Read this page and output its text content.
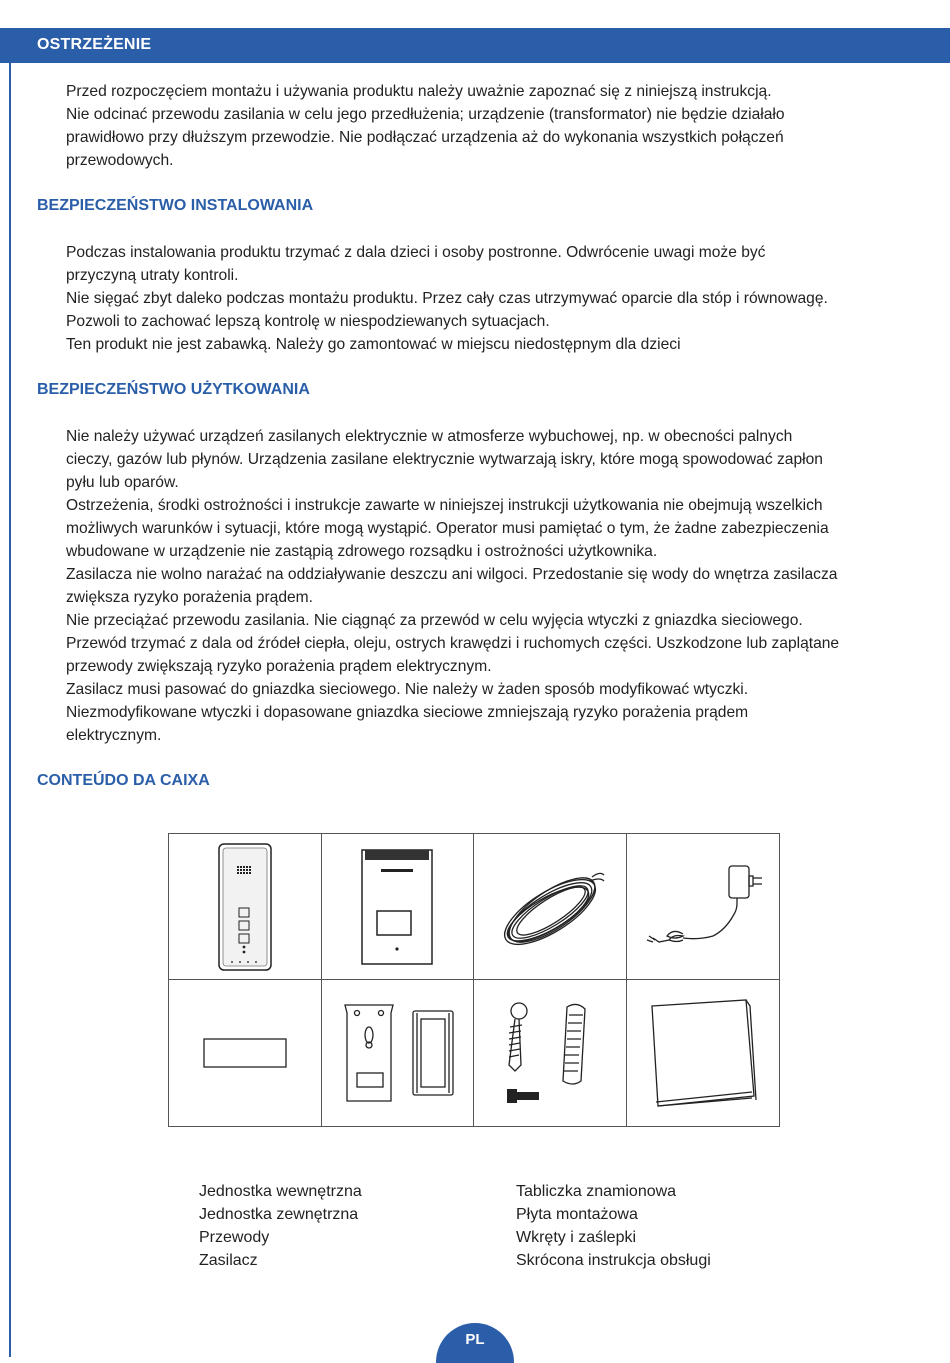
OSTRZEŻENIE
Przed rozpoczęciem montażu i używania produktu należy uważnie zapoznać się z niniejszą instrukcją.
Nie odcinać przewodu zasilania w celu jego przedłużenia; urządzenie (transformator) nie będzie działało
prawidłowo przy dłuższym przewodzie. Nie podłączać urządzenia aż do wykonania wszystkich połączeń
przewodowych.
BEZPIECZEŃSTWO INSTALOWANIA
Podczas instalowania produktu trzymać z dala dzieci i osoby postronne. Odwrócenie uwagi może być
przyczyną utraty kontroli.
Nie sięgać zbyt daleko podczas montażu produktu. Przez cały czas utrzymywać oparcie dla stóp i równowagę.
Pozwoli to zachować lepszą kontrolę w niespodziewanych sytuacjach.
Ten produkt nie jest zabawką. Należy go zamontować w miejscu niedostępnym dla dzieci
BEZPIECZEŃSTWO UŻYTKOWANIA
Nie należy używać urządzeń zasilanych elektrycznie w atmosferze wybuchowej, np. w obecności palnych
cieczy, gazów lub płynów. Urządzenia zasilane elektrycznie wytwarzają iskry, które mogą spowodować zapłon
pyłu lub oparów.
Ostrzeżenia, środki ostrożności i instrukcje zawarte w niniejszej instrukcji użytkowania nie obejmują wszelkich
możliwych warunków i sytuacji, które mogą wystąpić. Operator musi pamiętać o tym, że żadne zabezpieczenia
wbudowane w urządzenie nie zastąpią zdrowego rozsądku i ostrożności użytkownika.
Zasilacza nie wolno narażać na oddziaływanie deszczu ani wilgoci. Przedostanie się wody do wnętrza zasilacza
zwiększa ryzyko porażenia prądem.
Nie przeciążać przewodu zasilania. Nie ciągnąć za przewód w celu wyjęcia wtyczki z gniazdka sieciowego.
Przewód trzymać z dala od źródeł ciepła, oleju, ostrych krawędzi i ruchomych części. Uszkodzone lub zaplątane
przewody zwiększają ryzyko porażenia prądem elektrycznym.
Zasilacz musi pasować do gniazdka sieciowego. Nie należy w żaden sposób modyfikować wtyczki.
Niezmodyfikowane wtyczki i dopasowane gniazdka sieciowe zmniejszają ryzyko porażenia prądem
elektrycznym.
CONTEÚDO DA CAIXA
Jednostka wewnętrzna
Jednostka zewnętrzna
Przewody
Zasilacz
Tabliczka znamionowa
Płyta montażowa
Wkręty i zaślepki
Skrócona instrukcja obsługi
PL
